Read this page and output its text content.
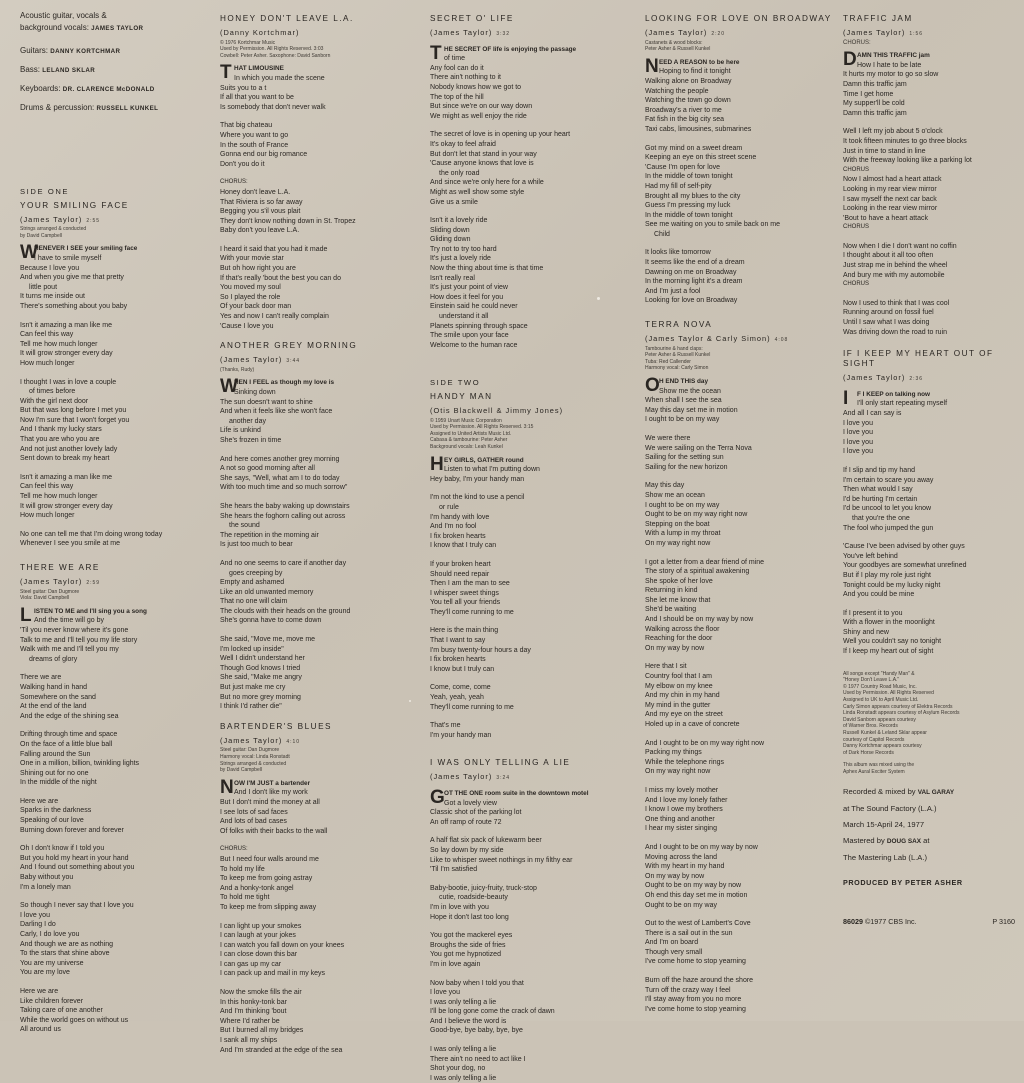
Acoustic guitar, vocals &
background vocals: JAMES TAYLOR
Guitars: DANNY KORTCHMAR
Bass: LELAND SKLAR
Keyboards: DR. CLARENCE McDONALD
Drums & percussion: RUSSELL KUNKEL
SIDE ONE
YOUR SMILING FACE
(James Taylor) 2:55
Strings arranged & conducted
by David Campbell
W
HENEVER I SEE your smiling face
I have to smile myself
Because I love you
And when you give me that pretty
little pout
It turns me inside out
There's something about you baby
Isn't it amazing a man like me
Can feel this way
Tell me how much longer
It will grow stronger every day
How much longer
I thought I was in love a couple
of times before
With the girl next door
But that was long before I met you
Now I'm sure that I won't forget you
And I thank my lucky stars
That you are who you are
And not just another lovely lady
Sent down to break my heart
Isn't it amazing a man like me
Can feel this way
Tell me how much longer
It will grow stronger every day
How much longer
No one can tell me that I'm doing wrong today
Whenever I see you smile at me
THERE WE ARE
(James Taylor) 2:59
Steel guitar: Dan Dugmore
Viola: David Campbell
L ISTEN TO ME and I'll sing you a song
And the time will go by
'Til you never know where it's gone
Talk to me and I'll tell you my life story
Walk with me and I'll tell you my
dreams of glory
There we are
Walking hand in hand
Somewhere on the sand
At the end of the land
And the edge of the shining sea
Drifting through time and space
On the face of a little blue ball
Falling around the Sun
One in a million, billion, twinkling lights
Shining out for no one
In the middle of the night
Here we are
Sparks in the darkness
Speaking of our love
Burning down forever and forever
Oh I don't know if I told you
But you hold my heart in your hand
And I found out something about you
Baby without you
I'm a lonely man
So though I never say that I love you
I love you
Darling I do
Carly, I do love you
And though we are as nothing
To the stars that shine above
You are my universe
You are my love
Here we are
Like children forever
Taking care of one another
While the world goes on without us
All around us
HONEY DON'T LEAVE L.A.
(Danny Kortchmar)
© 1976 Kortchmar Music
Used by Permission. All Rights Reserved. 3:03
Cowbell: Peter Asher. Saxophone: David Sanborn
T HAT LIMOUSINE
In which you made the scene
Suits you to a t
If all that you want to be
Is somebody that don't never walk
That big chateau
Where you want to go
In the south of France
Gonna end our big romance
Don't you do it
CHORUS:
Honey don't leave L.A.
That Riviera is so far away
Begging you s'il vous plait
They don't know nothing down in St. Tropez
Baby don't you leave L.A.
I heard it said that you had it made
With your movie star
But oh how right you are
If that's really 'bout the best you can do
You moved my soul
So I played the role
Of your back door man
Yes and now I can't really complain
'Cause I love you
ANOTHER GREY MORNING
(James Taylor) 3:44
(Thanks, Rudy)
W
HEN I FEEL as though my love is
Sinking down
The sun doesn't want to shine
And when it feels like she won't face
another day
Life is unkind
She's frozen in time
And here comes another grey morning
A not so good morning after all
She says, "Well, what am I to do today
With too much time and so much sorrow"
She hears the baby waking up downstairs
She hears the foghorn calling out across
the sound
The repetition in the morning air
Is just too much to bear
And no one seems to care if another day
goes creeping by
Empty and ashamed
Like an old unwanted memory
That no one will claim
The clouds with their heads on the ground
She's gonna have to come down
She said, "Move me, move me
I'm locked up inside"
Well I didn't understand her
Though God knows I tried
She said, "Make me angry
But just make me cry
But no more grey morning
I think I'd rather die"
BARTENDER'S BLUES
(James Taylor) 4:10
Steel guitar: Dan Dugmore
Harmony vocal: Linda Ronstadt
Strings arranged & conducted
by David Campbell
N OW I'M JUST a bartender
And I don't like my work
But I don't mind the money at all
I see lots of sad faces
And lots of bad cases
Of folks with their backs to the wall
CHORUS:
But I need four walls around me
To hold my life
To keep me from going astray
And a honky-tonk angel
To hold me tight
To keep me from slipping away
I can light up your smokes
I can laugh at your jokes
I can watch you fall down on your knees
I can close down this bar
I can gas up my car
I can pack up and mail in my keys
Now the smoke fills the air
In this honky-tonk bar
And I'm thinking 'bout
Where I'd rather be
But I burned all my bridges
I sank all my ships
And I'm stranded at the edge of the sea
SECRET O' LIFE
(James Taylor) 3:32
T HE SECRET OF life is enjoying the passage
of time
Any fool can do it
There ain't nothing to it
Nobody knows how we got to
The top of the hill
But since we're on our way down
We might as well enjoy the ride
The secret of love is in opening up your heart
It's okay to feel afraid
But don't let that stand in your way
'Cause anyone knows that love is
the only road
And since we're only here for a while
Might as well show some style
Give us a smile
Isn't it a lovely ride
Sliding down
Gliding down
Try not to try too hard
It's just a lovely ride
Now the thing about time is that time
Isn't really real
It's just your point of view
How does it feel for you
Einstein said he could never
understand it all
Planets spinning through space
The smile upon your face
Welcome to the human race
SIDE TWO
HANDY MAN
(Otis Blackwell & Jimmy Jones)
© 1959 Unart Music Corporation
Used by Permission. All Rights Reserved. 3:15
Assigned to United Artists Music Ltd.
Cabasa & tambourine: Peter Asher
Background vocals: Leah Kunkel
H EY GIRLS, GATHER round
Listen to what I'm putting down
Hey baby, I'm your handy man
I'm not the kind to use a pencil
or rule
I'm handy with love
And I'm no fool
I fix broken hearts
I know that I truly can
If your broken heart
Should need repair
Then I am the man to see
I whisper sweet things
You tell all your friends
They'll come running to me
Here is the main thing
That I want to say
I'm busy twenty-four hours a day
I fix broken hearts
I know but I truly can
Come, come, come
Yeah, yeah, yeah
They'll come running to me
That's me
I'm your handy man
I WAS ONLY TELLING A LIE
(James Taylor) 3:24
G OT THE ONE room suite in the downtown motel
Got a lovely view
Classic shot of the parking lot
An off ramp of route 72
A half flat six pack of lukewarm beer
So lay down by my side
Like to whisper sweet nothings in my filthy ear
'Til I'm satisfied
Baby-bootie, juicy-fruity, truck-stop
cutie, roadside-beauty
I'm in love with you
Hope it don't last too long
You got the mackerel eyes
Broughs the side of fries
You got me hypnotized
I'm in love again
Now baby when I told you that
I love you
I was only telling a lie
I'll be long gone come the crack of dawn
And I believe the word is
Good-bye, bye baby, bye, bye
I was only telling a lie
There ain't no need to act like I
Shot your dog, no
I was only telling a lie
LOOKING FOR LOVE ON BROADWAY
(James Taylor) 2:20
Castanets & wood blocks:
Peter Asher & Russell Kunkel
N EED A REASON to be here
Hoping to find it tonight
Walking alone on Broadway
Watching the people
Watching the town go down
Broadway's a river to me
Fat fish in the big city sea
Taxi cabs, limousines, submarines
Got my mind on a sweet dream
Keeping an eye on this street scene
'Cause I'm open for love
In the middle of town tonight
Had my fill of self-pity
Brought all my blues to the city
Guess I'm pressing my luck
In the middle of town tonight
See me waiting on you to smile back on me
Child
It looks like tomorrow
It seems like the end of a dream
Dawning on me on Broadway
In the morning light it's a dream
And I'm just a fool
Looking for love on Broadway
TERRA NOVA
(James Taylor & Carly Simon) 4:08
Tambourine & hand claps:
Peter Asher & Russell Kunkel
Tuba: Red Callender
Harmony vocal: Carly Simon
O H END THIS day
Show me the ocean
When shall I see the sea
May this day set me in motion
I ought to be on my way
We were there
We were sailing on the Terra Nova
Sailing for the setting sun
Sailing for the new horizon
May this day
Show me an ocean
I ought to be on my way
Ought to be on my way right now
Stepping on the boat
With a lump in my throat
On my way right now
I got a letter from a dear friend of mine
The story of a spiritual awakening
She spoke of her love
Returning in kind
She let me know that
She'd be waiting
And I should be on my way by now
Walking across the floor
Reaching for the door
On my way by now
Here that I sit
Country fool that I am
My elbow on my knee
And my chin in my hand
My mind in the gutter
And my eye on the street
Holed up in a cave of concrete
And I ought to be on my way right now
Packing my things
While the telephone rings
On my way right now
I miss my lovely mother
And I love my lonely father
I know I owe my brothers
One thing and another
I hear my sister singing
And I ought to be on my way by now
Moving across the land
With my heart in my hand
On my way by now
Ought to be on my way by now
Oh end this day set me in motion
Ought to be on my way
Out to the west of Lambert's Cove
There is a sail out in the sun
And I'm on board
Though very small
I've come home to stop yearning
Burn off the haze around the shore
Turn off the crazy way I feel
I'll stay away from you no more
I've come home to stop yearning
TRAFFIC JAM
(James Taylor) 1:56
CHORUS:
D AMN THIS TRAFFIC jam
How I hate to be late
It hurts my motor to go so slow
Damn this traffic jam
Time I get home
My supper'll be cold
Damn this traffic jam
Well I left my job about 5 o'clock
It took fifteen minutes to go three blocks
Just in time to stand in line
With the freeway looking like a parking lot
CHORUS
Now I almost had a heart attack
Looking in my rear view mirror
I saw myself the next car back
Looking in the rear view mirror
'Bout to have a heart attack
CHORUS
Now when I die I don't want no coffin
I thought about it all too often
Just strap me in behind the wheel
And bury me with my automobile
CHORUS
Now I used to think that I was cool
Running around on fossil fuel
Until I saw what I was doing
Was driving down the road to ruin
IF I KEEP MY HEART OUT OF SIGHT
(James Taylor) 2:36
I F I KEEP on talking now
I'll only start repeating myself
And all I can say is
I love you
I love you
I love you
I love you
If I slip and tip my hand
I'm certain to scare you away
Then what would I say
I'd be hurting I'm certain
I'd be uncool to let you know
that you're the one
The fool who jumped the gun
'Cause I've been advised by other guys
You've left behind
Your goodbyes are somewhat unrefined
But if I play my role just right
Tonight could be my lucky night
And you could be mine
If I present it to you
With a flower in the moonlight
Shiny and new
Well you couldn't say no tonight
If I keep my heart out of sight
All songs except "Handy Man" &
"Honey Don't Leave L.A."
© 1977 Country Road Music, Inc.
Used by Permission. All Rights Reserved
Assigned to UK to April Music Ltd.
Carly Simon appears courtesy of Elektra Records
Linda Ronstadt appears courtesy of Asylum Records
David Sanborn appears courtesy
of Warner Bros. Records
Russell Kunkel & Leland Sklar appear
courtesy of Capitol Records
Danny Kortchmar appears courtesy
of Dark Horse Records
This album was mixed using the
Aphex Aural Exciter System
Recorded & mixed by VAL GARAY
at The Sound Factory (L.A.)
March 15-April 24, 1977
Mastered by DOUG SAX at
The Mastering Lab (L.A.)
PRODUCED BY PETER ASHER
86029 ©1977 CBS Inc.	P 3160
